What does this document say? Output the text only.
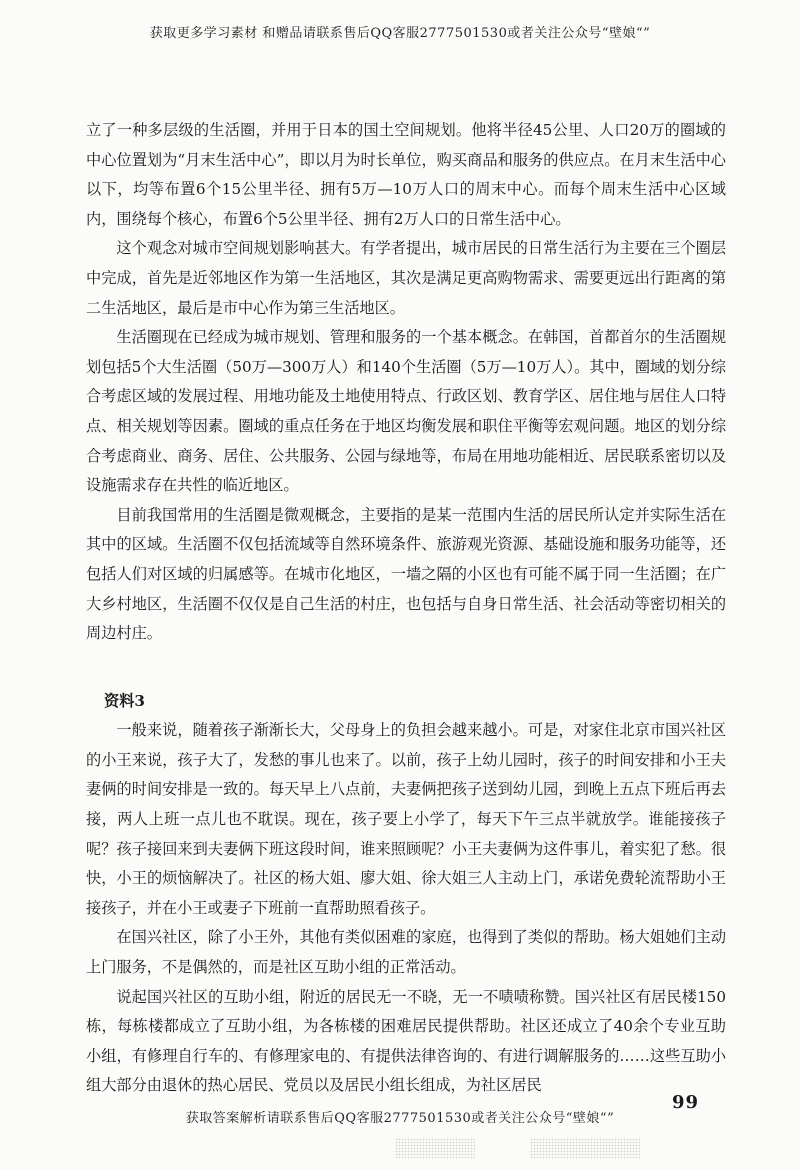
获取更多学习素材 和赠品请联系售后QQ客服2777501530或者关注公众号“壁娘“”

立了一种多层级的生活圈，并用于日本的国土空间规划。他将半径45公里、人口20万的圈域的中心位置划为“月末生活中心”，即以月为时长单位，购买商品和服务的供应点。在月末生活中心以下，均等布置6个15公里半径、拥有5万—10万人口的周末中心。而每个周末生活中心区域内，围绕每个核心，布置6个5公里半径、拥有2万人口的日常生活中心。

这个观念对城市空间规划影响甚大。有学者提出，城市居民的日常生活行为主要在三个圈层中完成，首先是近邻地区作为第一生活地区，其次是满足更高购物需求、需要更远出行距离的第二生活地区，最后是市中心作为第三生活地区。

生活圈现在已经成为城市规划、管理和服务的一个基本概念。在韩国，首都首尔的生活圈规划包括5个大生活圈（50万—300万人）和140个生活圈（5万—10万人）。其中，圈域的划分综合考虑区域的发展过程、用地功能及土地使用特点、行政区划、教育学区、居住地与居住人口特点、相关规划等因素。圈域的重点任务在于地区均衡发展和职住平衡等宏观问题。地区的划分综合考虑商业、商务、居住、公共服务、公园与绿地等，布局在用地功能相近、居民联系密切以及设施需求存在共性的临近地区。

目前我国常用的生活圈是微观概念，主要指的是某一范围内生活的居民所认定并实际生活在其中的区域。生活圈不仅包括流域等自然环境条件、旅游观光资源、基础设施和服务功能等，还包括人们对区域的归属感等。在城市化地区，一墙之隔的小区也有可能不属于同一生活圈；在广大乡村地区，生活圈不仅仅是自己生活的村庄，也包括与自身日常生活、社会活动等密切相关的周边村庄。

资料3

一般来说，随着孩子渐渐长大，父母身上的负担会越来越小。可是，对家住北京市国兴社区的小王来说，孩子大了，发愁的事儿也来了。以前，孩子上幼儿园时，孩子的时间安排和小王夫妻俩的时间安排是一致的。每天早上八点前，夫妻俩把孩子送到幼儿园，到晚上五点下班后再去接，两人上班一点儿也不耽误。现在，孩子要上小学了，每天下午三点半就放学。谁能接孩子呢？孩子接回来到夫妻俩下班这段时间，谁来照顾呢？小王夫妻俩为这件事儿，着实犯了愁。很快，小王的烦恼解决了。社区的杨大姐、廖大姐、徐大姐三人主动上门，承诺免费轮流帮助小王接孩子，并在小王或妻子下班前一直帮助照看孩子。

在国兴社区，除了小王外，其他有类似困难的家庭，也得到了类似的帮助。杨大姐她们主动上门服务，不是偶然的，而是社区互助小组的正常活动。

说起国兴社区的互助小组，附近的居民无一不晓，无一不啧啧称赞。国兴社区有居民楼150栋，每栋楼都成立了互助小组，为各栋楼的困难居民提供帮助。社区还成立了40余个专业互助小组，有修理自行车的、有修理家电的、有提供法律咨询的、有进行调解服务的……这些互助小组大部分由退休的热心居民、党员以及居民小组长组成，为社区居民

99
获取答案解析请联系售后QQ客服2777501530或者关注公众号“壁娘“”
